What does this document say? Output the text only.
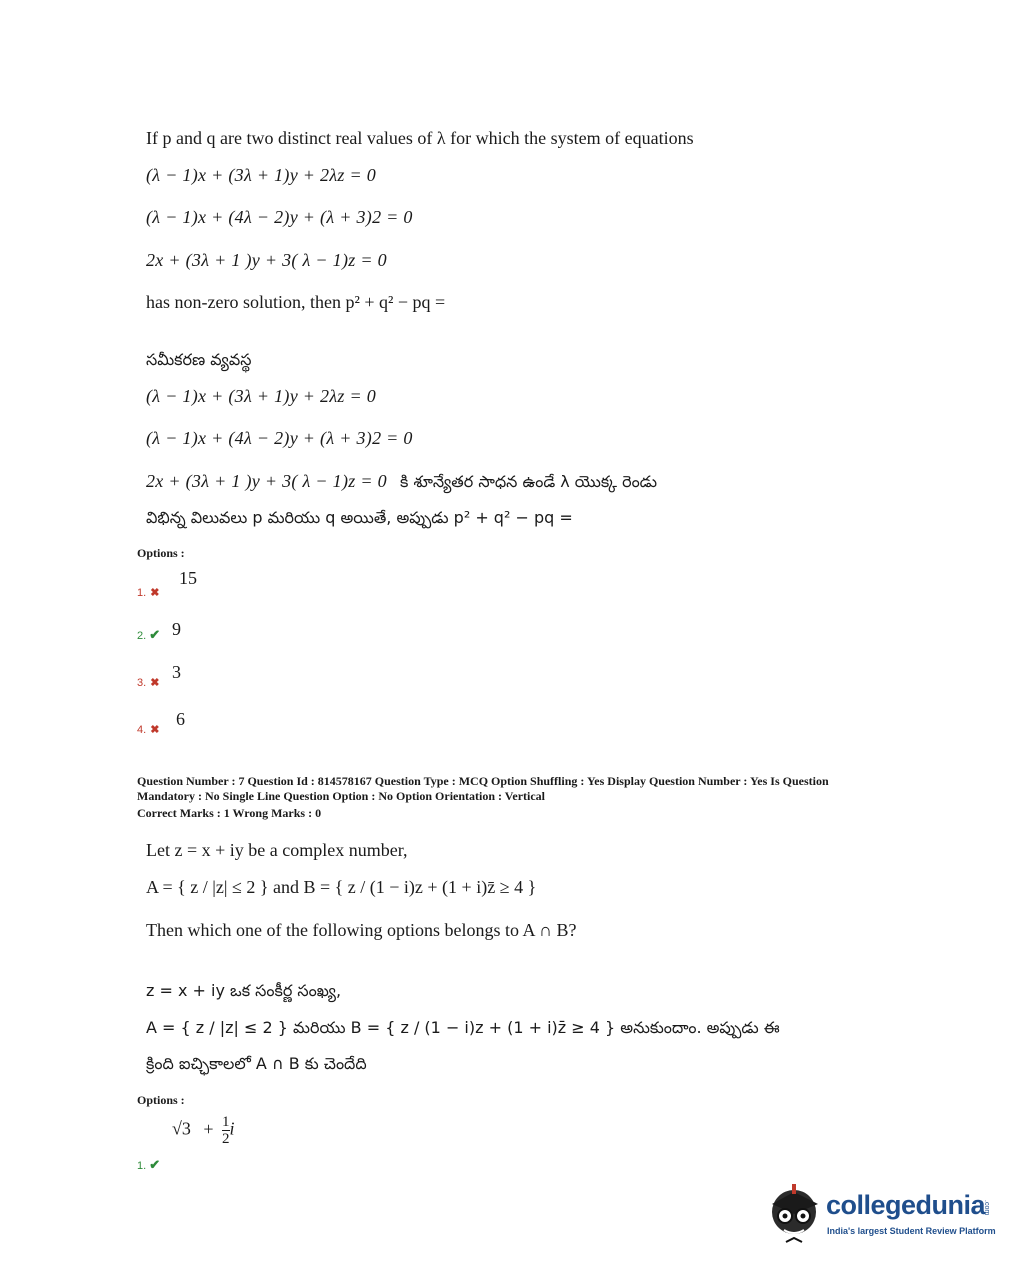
If p and q are two distinct real values of λ for which the system of equations
(λ − 1)x + (3λ + 1)y + 2λz = 0
(λ − 1)x + (4λ − 2)y + (λ + 3)2 = 0
2x + (3λ + 1 )y + 3( λ − 1)z = 0
has non-zero solution, then p² + q² − pq =
సమీకరణ వ్యవస్థ
(λ − 1)x + (3λ + 1)y + 2λz = 0
(λ − 1)x + (4λ − 2)y + (λ + 3)2 = 0
2x + (3λ + 1 )y + 3( λ − 1)z = 0 కి శూన్యేతర సాధన ఉండే λ యొక్క రెండు
విభిన్న విలువలు p మరియు q అయితే, అప్పుడు p² + q² − pq =
Options :
1. ✖
15
2. ✔ 9
3. ✖
3
4. ✖
6
Question Number : 7 Question Id : 814578167 Question Type : MCQ Option Shuffling : Yes Display Question Number : Yes Is Question
Mandatory : No Single Line Question Option : No Option Orientation : Vertical
Correct Marks : 1 Wrong Marks : 0
Let z = x + iy be a complex number,
A = { z / |z| ≤ 2 } and B = { z / (1 − i)z + (1 + i)z̄ ≥ 4 }
Then which one of the following options belongs to A ∩ B?
z = x + iy ఒక సంకీర్ణ సంఖ్య,
A = { z / |z| ≤ 2 } మరియు B = { z / (1 − i)z + (1 + i)z̄ ≥ 4 } అనుకుందాం. అప్పుడు ఈ
క్రింది ఐచ్ఛికాలలో A ∩ B కు చెందేది
Options :
$√3 + \frac{1}{2}$ i
1. ✔
collegedunia
.com
India's largest Student Review Platform
